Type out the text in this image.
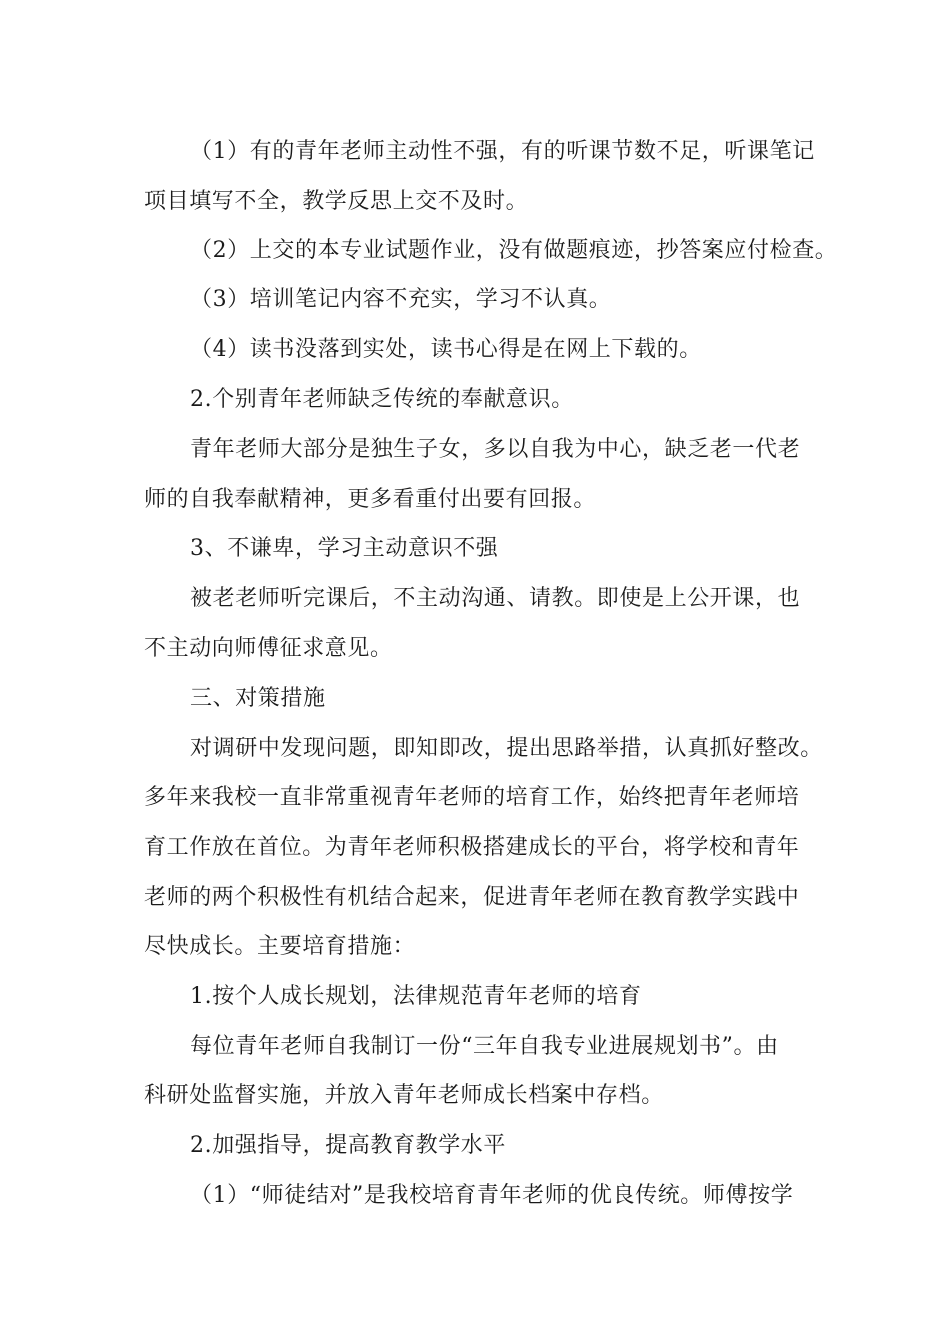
（1）有的青年老师主动性不强，有的听课节数不足，听课笔记
项目填写不全，教学反思上交不及时。
（2）上交的本专业试题作业，没有做题痕迹，抄答案应付检查。
（3）培训笔记内容不充实，学习不认真。
（4）读书没落到实处，读书心得是在网上下载的。
2.个别青年老师缺乏传统的奉献意识。
青年老师大部分是独生子女，多以自我为中心，缺乏老一代老
师的自我奉献精神，更多看重付出要有回报。
3、不谦卑，学习主动意识不强
被老老师听完课后，不主动沟通、请教。即使是上公开课，也
不主动向师傅征求意见。
三、对策措施
对调研中发现问题，即知即改，提出思路举措，认真抓好整改。
多年来我校一直非常重视青年老师的培育工作，始终把青年老师培
育工作放在首位。为青年老师积极搭建成长的平台，将学校和青年
老师的两个积极性有机结合起来，促进青年老师在教育教学实践中
尽快成长。主要培育措施：
1.按个人成长规划，法律规范青年老师的培育
每位青年老师自我制订一份“三年自我专业进展规划书”。由
科研处监督实施，并放入青年老师成长档案中存档。
2.加强指导，提高教育教学水平
（1）“师徒结对”是我校培育青年老师的优良传统。师傅按学
